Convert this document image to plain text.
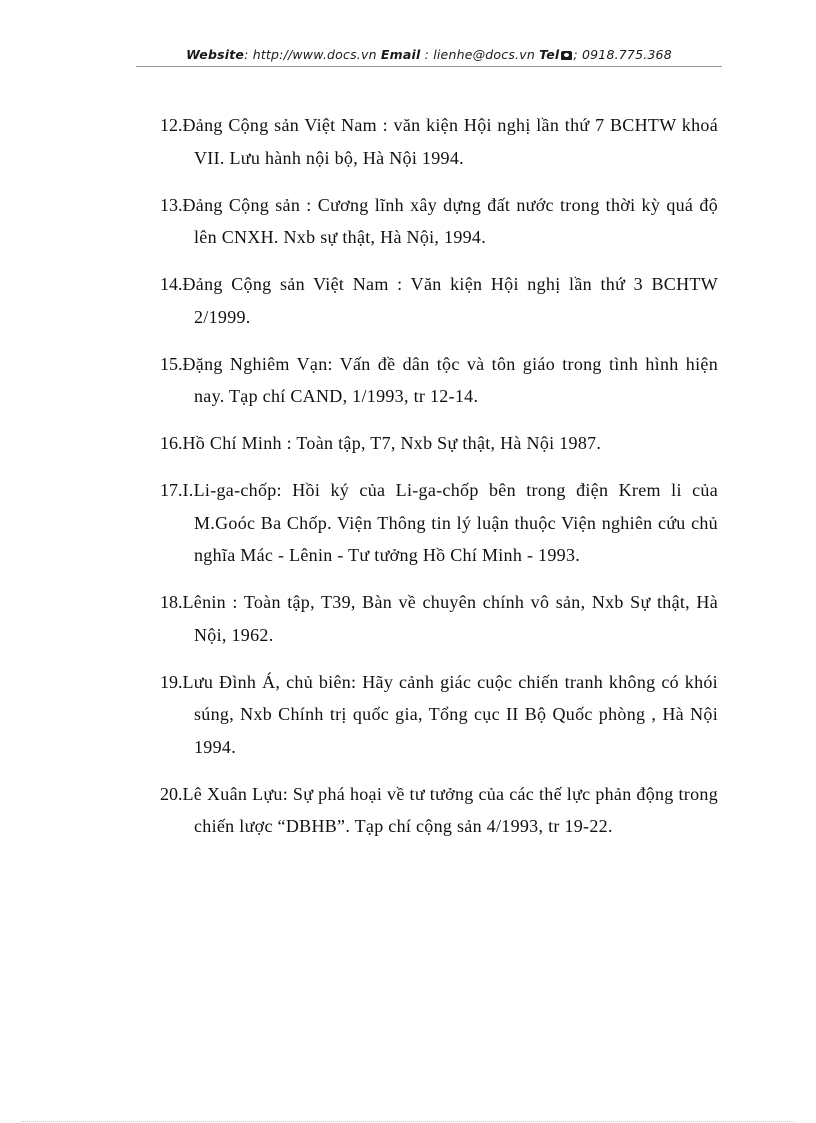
Website: http://www.docs.vn Email : lienhe@docs.vn Tel ; 0918.775.368
12.Đảng Cộng sản Việt Nam : văn kiện Hội nghị lần thứ 7 BCHTW khoá VII. Lưu hành nội bộ, Hà Nội 1994.
13.Đảng Cộng sản : Cương lĩnh xây dựng đất nước trong thời kỳ quá độ lên CNXH. Nxb sự thật, Hà Nội, 1994.
14.Đảng Cộng sản Việt Nam : Văn kiện Hội nghị lần thứ 3 BCHTW 2/1999.
15.Đặng Nghiêm Vạn: Vấn đề dân tộc và tôn giáo trong tình hình hiện nay. Tạp chí CAND, 1/1993, tr 12-14.
16.Hồ Chí Minh : Toàn tập, T7, Nxb Sự thật, Hà Nội 1987.
17.I.Li-ga-chốp: Hồi ký của Li-ga-chốp bên trong điện Krem li của M.Goóc Ba Chốp. Viện Thông tin lý luận thuộc Viện nghiên cứu chủ nghĩa Mác - Lênin - Tư tưởng Hồ Chí Minh - 1993.
18.Lênin : Toàn tập, T39, Bàn về chuyên chính vô sản, Nxb Sự thật, Hà Nội, 1962.
19.Lưu Đình Á, chủ biên: Hãy cảnh giác cuộc chiến tranh không có khói súng, Nxb Chính trị quốc gia, Tổng cục II Bộ Quốc phòng , Hà Nội 1994.
20.Lê Xuân Lựu: Sự phá hoại về tư tưởng của các thế lực phản động trong chiến lược “DBHB”. Tạp chí cộng sản 4/1993, tr 19-22.
